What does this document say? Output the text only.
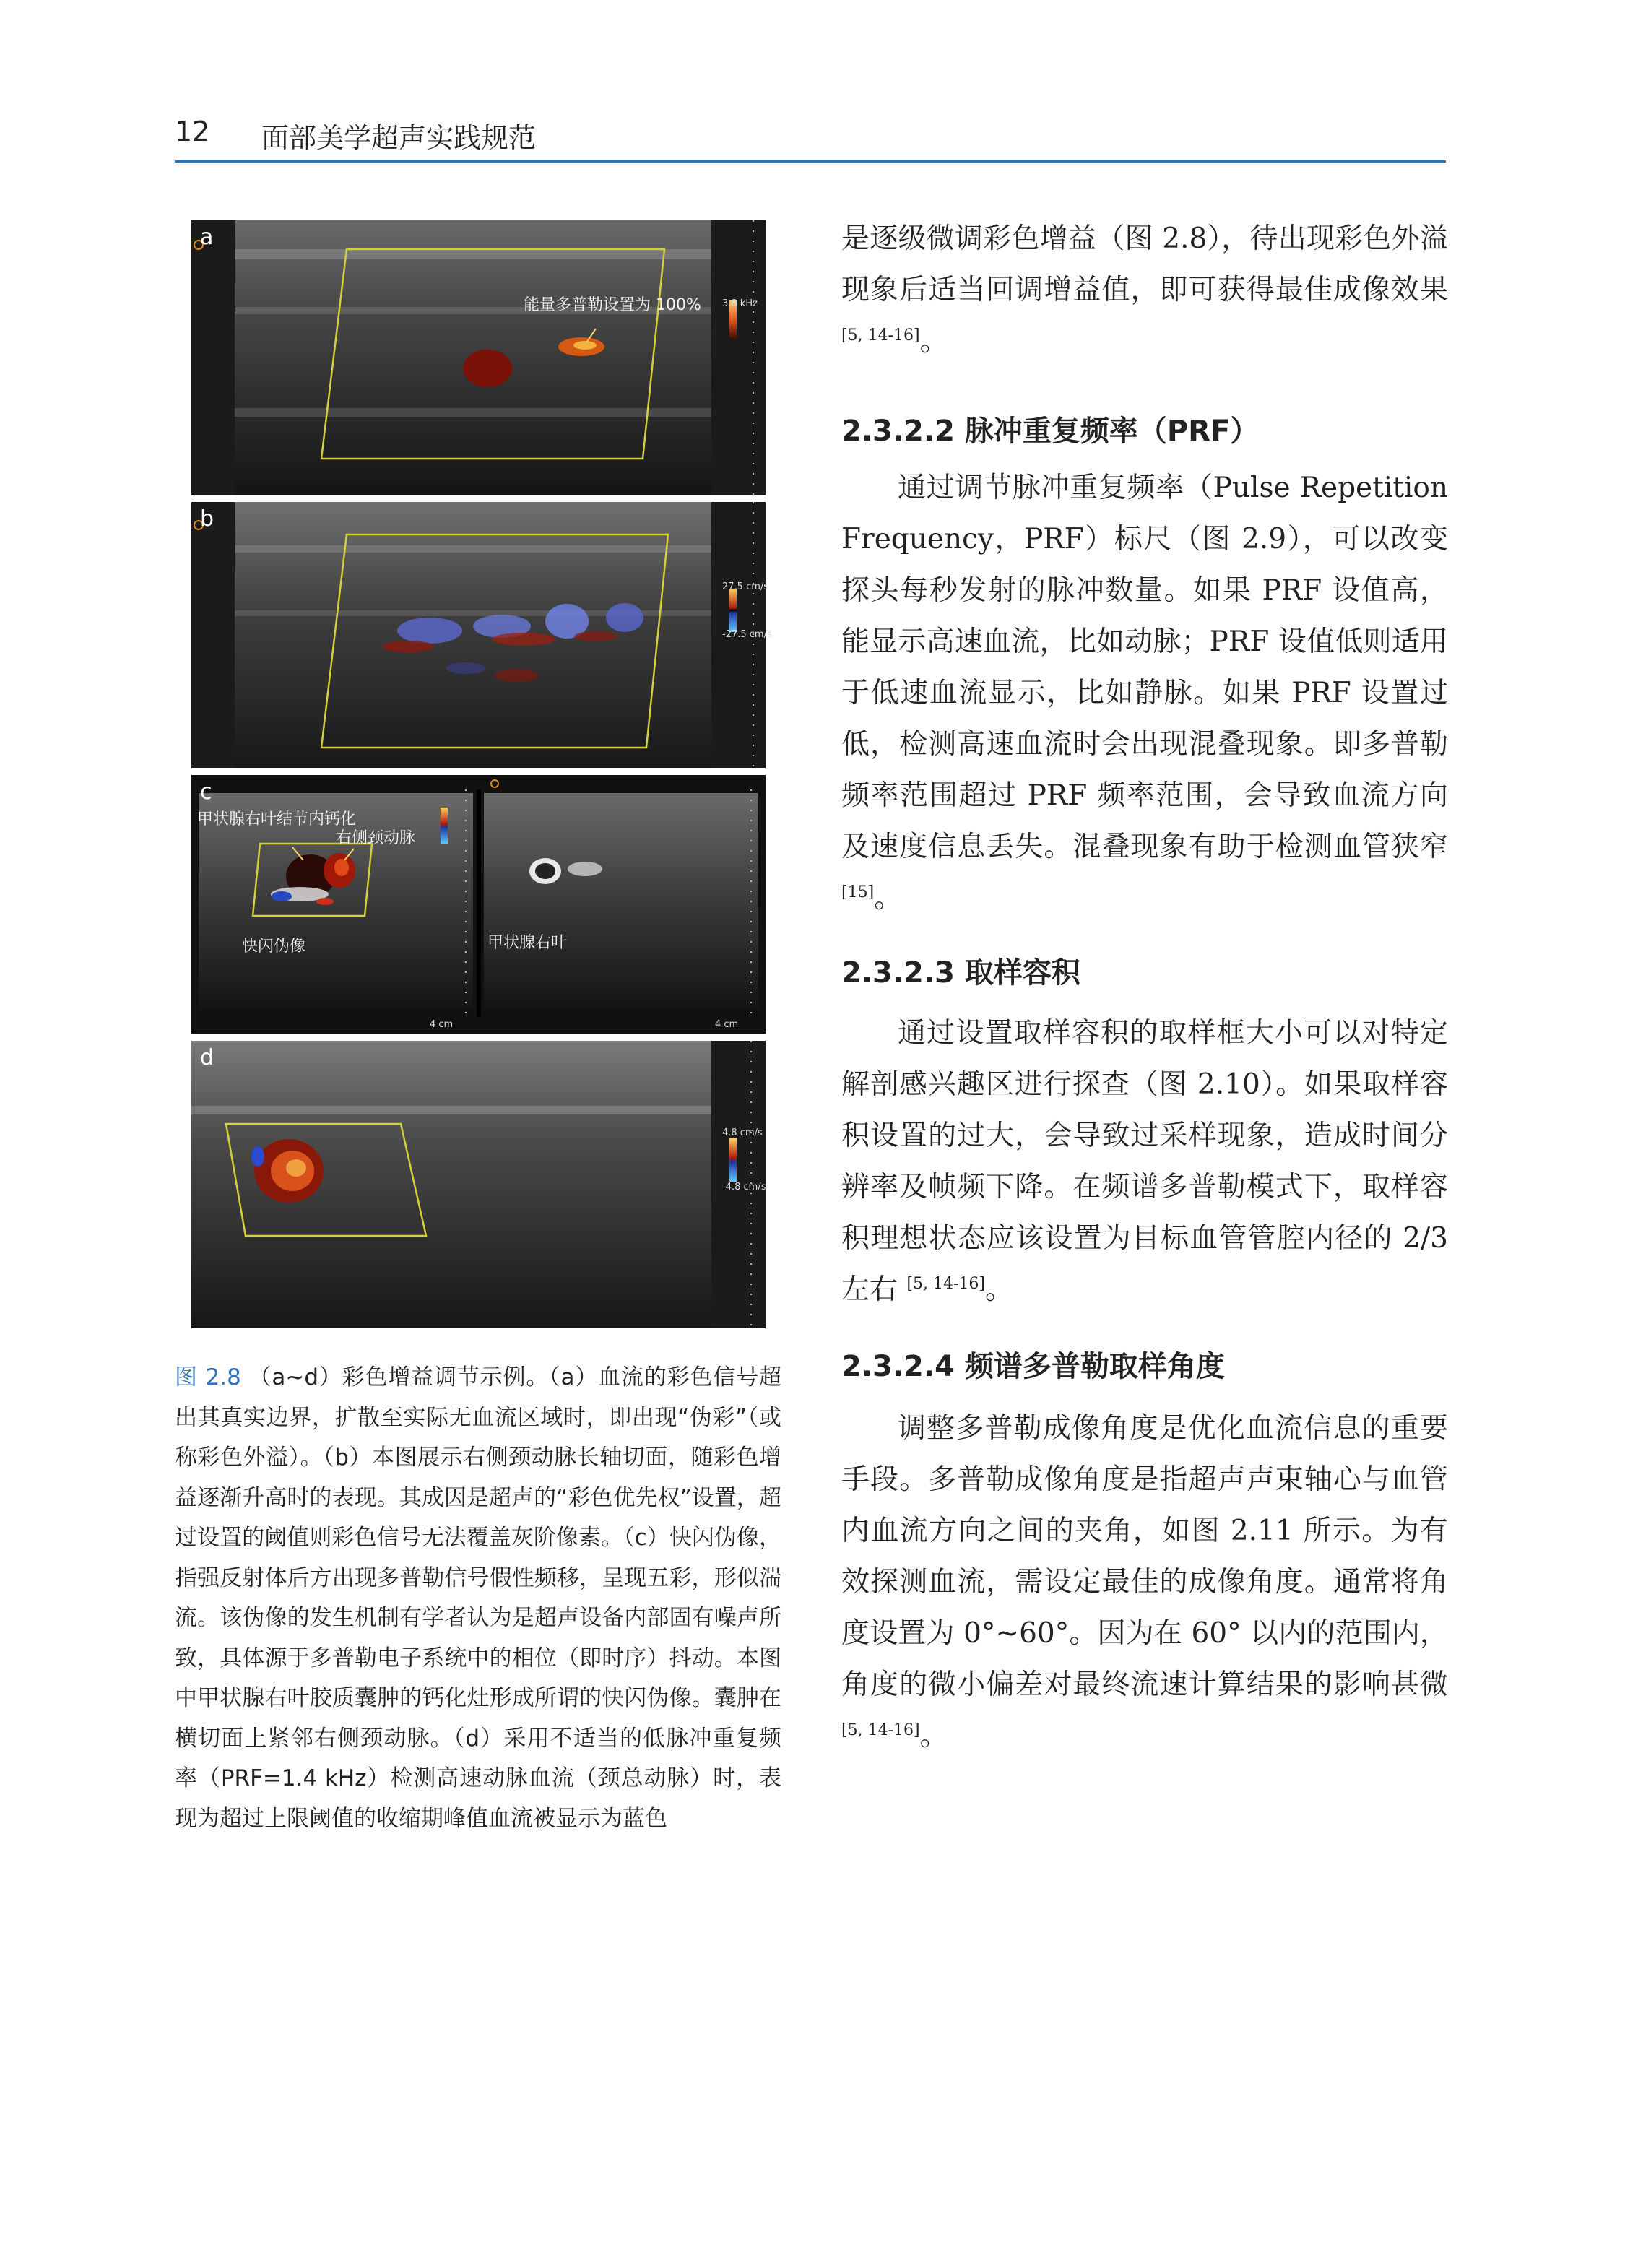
12 面部美学超声实践规范
a
能量多普勒设置为 100% 3.8 kHz
b
27.5 cm/s
-27.5 cm/s
c
甲状腺右叶结节内钙化
右侧颈动脉
快闪伪像	甲状腺右叶
4 cm	4 cm
d
4.8 cm/s
-4.8 cm/s
图 2.8 （a~d）彩色增益调节示例。（a）血流的彩色信号超出其真实边界，扩散至实际无血流区域时，即出现“伪彩”（或称彩色外溢）。（b）本图展示右侧颈动脉长轴切面，随彩色增益逐渐升高时的表现。其成因是超声的“彩色优先权”设置，超过设置的阈值则彩色信号无法覆盖灰阶像素。（c）快闪伪像，指强反射体后方出现多普勒信号假性频移，呈现五彩，形似湍流。该伪像的发生机制有学者认为是超声设备内部固有噪声所致，具体源于多普勒电子系统中的相位（即时序）抖动。本图中甲状腺右叶胶质囊肿的钙化灶形成所谓的快闪伪像。囊肿在横切面上紧邻右侧颈动脉。（d）采用不适当的低脉冲重复频率（PRF=1.4 kHz）检测高速动脉血流（颈总动脉）时，表现为超过上限阈值的收缩期峰值血流被显示为蓝色

是逐级微调彩色增益（图 2.8），待出现彩色外溢现象后适当回调增益值，即可获得最佳成像效果 [5, 14-16]。

2.3.2.2 脉冲重复频率（PRF）

通过调节脉冲重复频率（Pulse Repetition Frequency，PRF）标尺（图 2.9），可以改变探头每秒发射的脉冲数量。如果 PRF 设值高，能显示高速血流，比如动脉；PRF 设值低则适用于低速血流显示，比如静脉。如果 PRF 设置过低，检测高速血流时会出现混叠现象。即多普勒频率范围超过 PRF 频率范围，会导致血流方向及速度信息丢失。混叠现象有助于检测血管狭窄 [15]。

2.3.2.3 取样容积

通过设置取样容积的取样框大小可以对特定解剖感兴趣区进行探查（图 2.10）。如果取样容积设置的过大，会导致过采样现象，造成时间分辨率及帧频下降。在频谱多普勒模式下，取样容积理想状态应该设置为目标血管管腔内径的 2/3 左右 [5, 14-16]。

2.3.2.4 频谱多普勒取样角度

调整多普勒成像角度是优化血流信息的重要手段。多普勒成像角度是指超声声束轴心与血管内血流方向之间的夹角，如图 2.11 所示。为有效探测血流，需设定最佳的成像角度。通常将角度设置为 0°~60°。因为在 60° 以内的范围内，角度的微小偏差对最终流速计算结果的影响甚微 [5, 14-16]。
